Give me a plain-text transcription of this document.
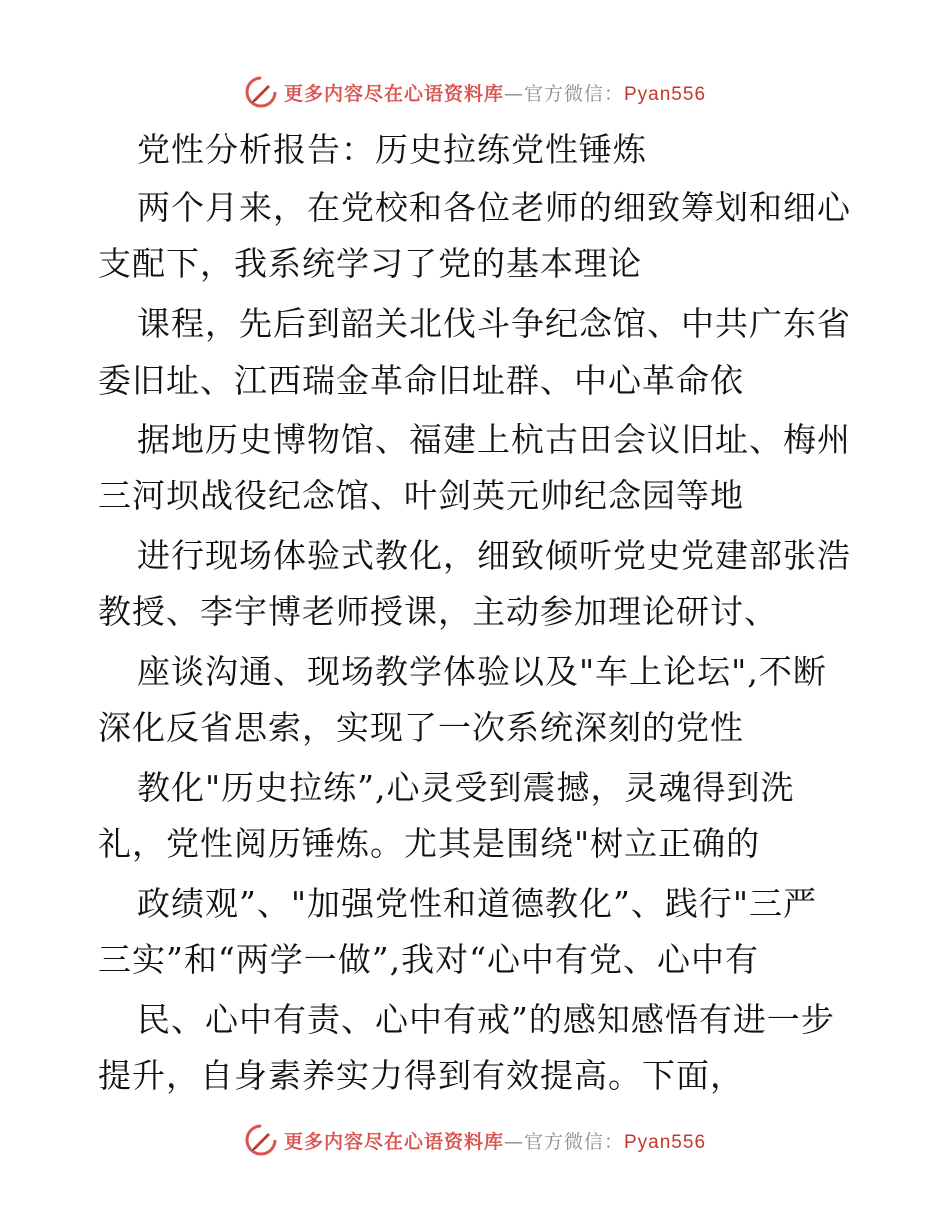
更多内容尽在心语资料库—官方微信：Pyan556
党性分析报告：历史拉练党性锤炼
两个月来，在党校和各位老师的细致筹划和细心
支配下，我系统学习了党的基本理论
课程，先后到韶关北伐斗争纪念馆、中共广东省
委旧址、江西瑞金革命旧址群、中心革命依
据地历史博物馆、福建上杭古田会议旧址、梅州
三河坝战役纪念馆、叶剑英元帅纪念园等地
进行现场体验式教化，细致倾听党史党建部张浩
教授、李宇博老师授课，主动参加理论研讨、
座谈沟通、现场教学体验以及"车上论坛",不断
深化反省思索，实现了一次系统深刻的党性
教化"历史拉练”,心灵受到震撼，灵魂得到洗
礼，党性阅历锤炼。尤其是围绕"树立正确的
政绩观”、"加强党性和道德教化”、践行"三严
三实”和“两学一做”,我对“心中有党、心中有
民、心中有责、心中有戒”的感知感悟有进一步
提升，自身素养实力得到有效提高。下面，
更多内容尽在心语资料库—官方微信：Pyan556
